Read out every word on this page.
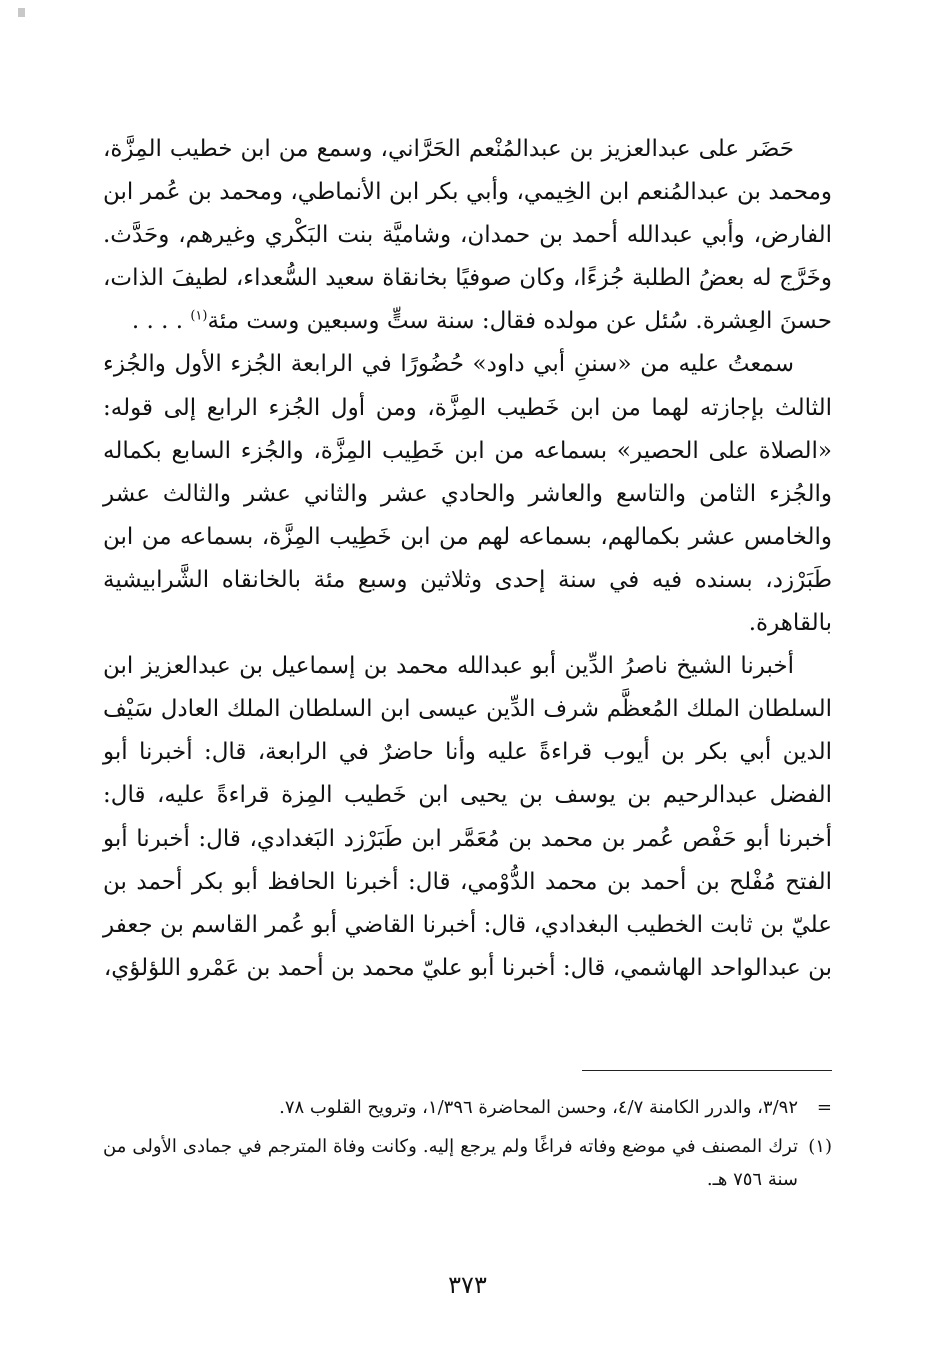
حَضَر على عبدالعزيز بن عبدالمُنْعم الحَرَّاني، وسمع من ابن خطيب المِزَّة، ومحمد بن عبدالمُنعم ابن الخِيمي، وأبي بكر ابن الأنماطي، ومحمد بن عُمر ابن الفارض، وأبي عبدالله أحمد بن حمدان، وشاميَّة بنت البَكْري وغيرهم، وحَدَّث. وخَرَّج له بعضُ الطلبة جُزءًا، وكان صوفيًا بخانقاة سعيد السُّعداء، لطيفَ الذات، حسنَ العِشرة. سُئل عن مولده فقال: سنة ستٍّ وسبعين وست مئة$^{(١)}$ . . . .

سمعتُ عليه من «سننِ أبي داود» حُضُورًا في الرابعة الجُزء الأول والجُزء الثالث بإجازته لهما من ابن خَطيب المِزَّة، ومن أول الجُزء الرابع إلى قوله: «الصلاة على الحصير» بسماعه من ابن خَطِيب المِزَّة، والجُزء السابع بكماله والجُزء الثامن والتاسع والعاشر والحادي عشر والثاني عشر والثالث عشر والخامس عشر بكمالهم، بسماعه لهم من ابن خَطِيب المِزَّة، بسماعه من ابن طَبَرْزد، بسنده فيه في سنة إحدى وثلاثين وسبع مئة بالخانقاه الشَّرابيشية بالقاهرة.

أخبرنا الشيخ ناصرُ الدِّين أبو عبدالله محمد بن إسماعيل بن عبدالعزيز ابن السلطان الملك المُعظَّم شرف الدِّين عيسى ابن السلطان الملك العادل سَيْف الدين أبي بكر بن أيوب قراءةً عليه وأنا حاضرٌ في الرابعة، قال: أخبرنا أبو الفضل عبدالرحيم بن يوسف بن يحيى ابن خَطيب المِزة قراءةً عليه، قال: أخبرنا أبو حَفْص عُمر بن محمد بن مُعَمَّر ابن طَبَرْزد البَغدادي، قال: أخبرنا أبو الفتح مُفْلح بن أحمد بن محمد الدُّوْمي، قال: أخبرنا الحافظ أبو بكر أحمد بن عليّ بن ثابت الخطيب البغدادي، قال: أخبرنا القاضي أبو عُمر القاسم بن جعفر بن عبدالواحد الهاشمي، قال: أخبرنا أبو عليّ محمد بن أحمد بن عَمْرو اللؤلؤي،

=
٣/٩٢، والدرر الكامنة ٤/٧، وحسن المحاضرة ١/٣٩٦، وترويح القلوب ٧٨.
(١)
ترك المصنف في موضع وفاته فراغًا ولم يرجع إليه. وكانت وفاة المترجم في جمادى الأولى من سنة ٧٥٦ هـ.
٣٧٣
